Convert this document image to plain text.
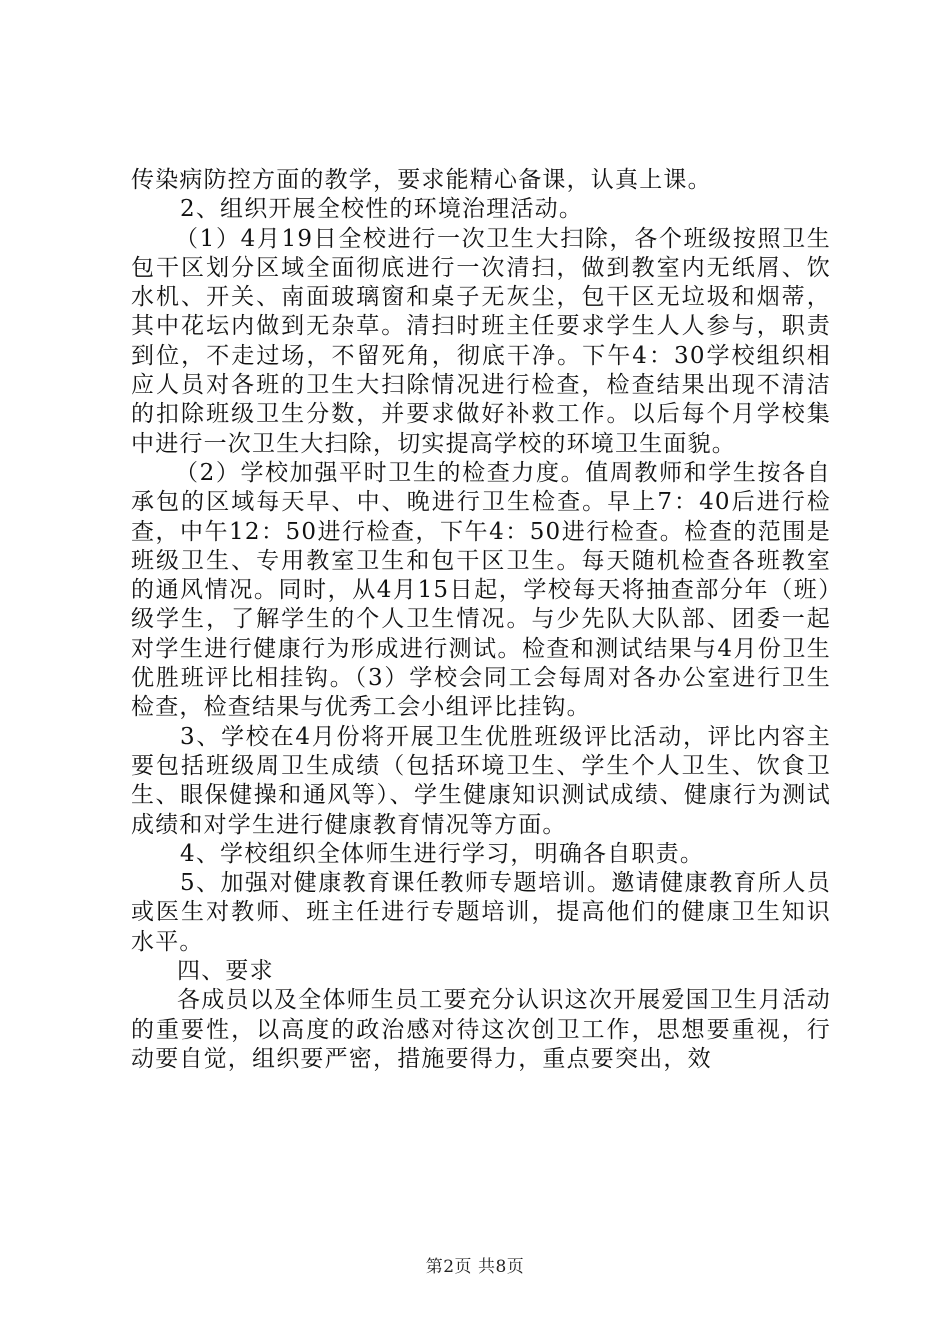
传染病防控方面的教学，要求能精心备课，认真上课。

2、组织开展全校性的环境治理活动。

（1）4月19日全校进行一次卫生大扫除，各个班级按照卫生包干区划分区域全面彻底进行一次清扫，做到教室内无纸屑、饮水机、开关、南面玻璃窗和桌子无灰尘，包干区无垃圾和烟蒂，其中花坛内做到无杂草。清扫时班主任要求学生人人参与，职责到位，不走过场，不留死角，彻底干净。下午4：30学校组织相应人员对各班的卫生大扫除情况进行检查，检查结果出现不清洁的扣除班级卫生分数，并要求做好补救工作。以后每个月学校集中进行一次卫生大扫除，切实提高学校的环境卫生面貌。

（2）学校加强平时卫生的检查力度。值周教师和学生按各自承包的区域每天早、中、晚进行卫生检查。早上7：40后进行检查，中午12：50进行检查，下午4：50进行检查。检查的范围是班级卫生、专用教室卫生和包干区卫生。每天随机检查各班教室的通风情况。同时，从4月15日起，学校每天将抽查部分年（班）级学生，了解学生的个人卫生情况。与少先队大队部、团委一起对学生进行健康行为形成进行测试。检查和测试结果与4月份卫生优胜班评比相挂钩。（3）学校会同工会每周对各办公室进行卫生检查，检查结果与优秀工会小组评比挂钩。

3、学校在4月份将开展卫生优胜班级评比活动，评比内容主要包括班级周卫生成绩（包括环境卫生、学生个人卫生、饮食卫生、眼保健操和通风等）、学生健康知识测试成绩、健康行为测试成绩和对学生进行健康教育情况等方面。

4、学校组织全体师生进行学习，明确各自职责。

5、加强对健康教育课任教师专题培训。邀请健康教育所人员或医生对教师、班主任进行专题培训，提高他们的健康卫生知识水平。

四、要求

各成员以及全体师生员工要充分认识这次开展爱国卫生月活动的重要性，以高度的政治感对待这次创卫工作，思想要重视，行动要自觉，组织要严密，措施要得力，重点要突出，效

第2页 共8页
